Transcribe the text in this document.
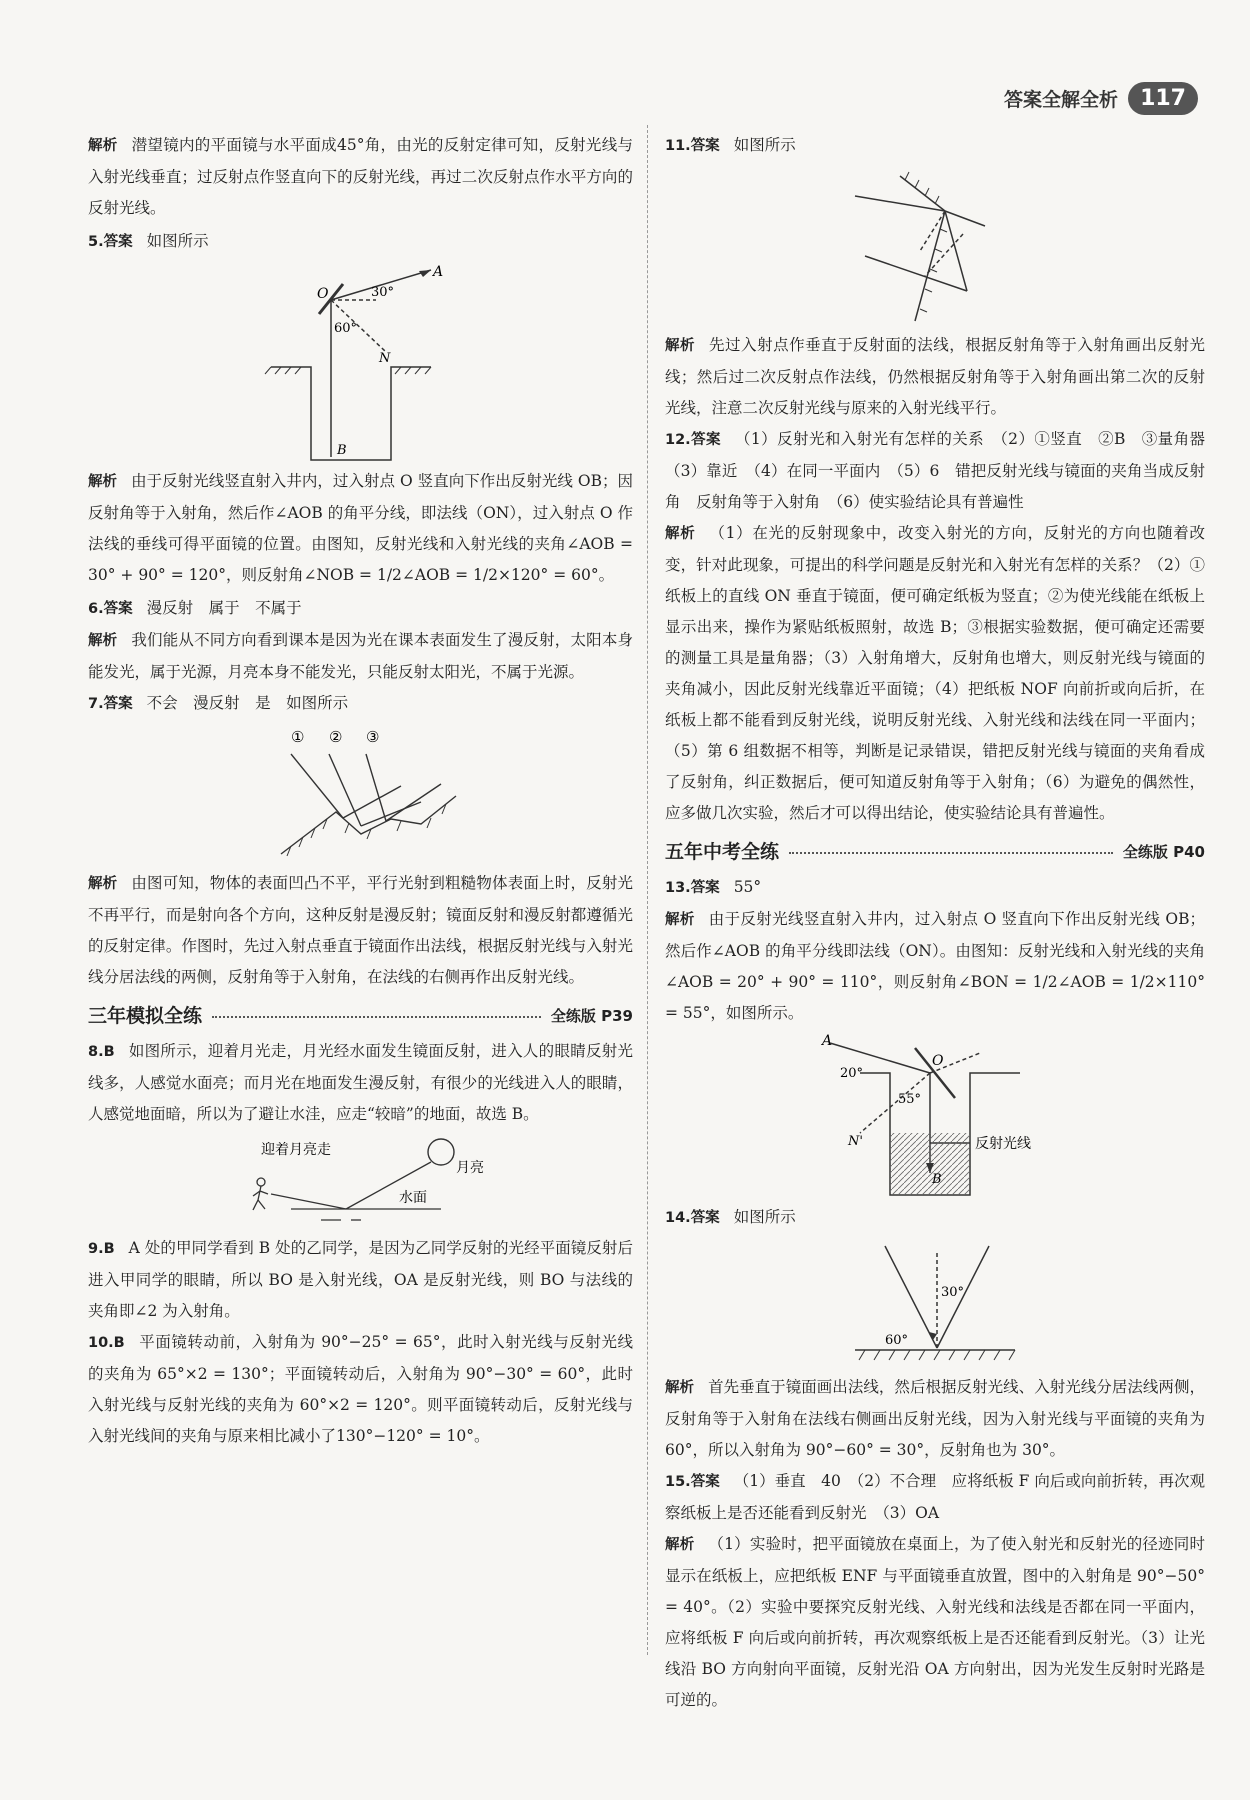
答案全解全析	117

解析 潜望镜内的平面镜与水平面成45°角，由光的反射定律可知，反射光线与入射光线垂直；过反射点作竖直向下的反射光线，再过二次反射点作水平方向的反射光线。

5.答案 如图所示

A
O
N
B
30°
60°

解析 由于反射光线竖直射入井内，过入射点 O 竖直向下作出反射光线 OB；因反射角等于入射角，然后作∠AOB 的角平分线，即法线（ON），过入射点 O 作法线的垂线可得平面镜的位置。由图知，反射光线和入射光线的夹角∠AOB = 30° + 90° = 120°，则反射角∠NOB = 1/2∠AOB = 1/2×120° = 60°。

6.答案 漫反射　属于　不属于

解析 我们能从不同方向看到课本是因为光在课本表面发生了漫反射，太阳本身能发光，属于光源，月亮本身不能发光，只能反射太阳光，不属于光源。

7.答案 不会　漫反射　是　如图所示

① ② ③

解析 由图可知，物体的表面凹凸不平，平行光射到粗糙物体表面上时，反射光不再平行，而是射向各个方向，这种反射是漫反射；镜面反射和漫反射都遵循光的反射定律。作图时，先过入射点垂直于镜面作出法线，根据反射光线与入射光线分居法线的两侧，反射角等于入射角，在法线的右侧再作出反射光线。

三年模拟全练	全练版 P39

8.B 如图所示，迎着月光走，月光经水面发生镜面反射，进入人的眼睛反射光线多，人感觉水面亮；而月光在地面发生漫反射，有很少的光线进入人的眼睛，人感觉地面暗，所以为了避让水洼，应走“较暗”的地面，故选 B。

迎着月亮走
月亮
水面

9.B A 处的甲同学看到 B 处的乙同学，是因为乙同学反射的光经平面镜反射后进入甲同学的眼睛，所以 BO 是入射光线，OA 是反射光线，则 BO 与法线的夹角即∠2 为入射角。

10.B 平面镜转动前，入射角为 90°−25° = 65°，此时入射光线与反射光线的夹角为 65°×2 = 130°；平面镜转动后，入射角为 90°−30° = 60°，此时入射光线与反射光线的夹角为 60°×2 = 120°。则平面镜转动后，反射光线与入射光线间的夹角与原来相比减小了130°−120° = 10°。

11.答案 如图所示

解析 先过入射点作垂直于反射面的法线，根据反射角等于入射角画出反射光线；然后过二次反射点作法线，仍然根据反射角等于入射角画出第二次的反射光线，注意二次反射光线与原来的入射光线平行。

12.答案 （1）反射光和入射光有怎样的关系　（2）①竖直　②B　③量角器　（3）靠近　（4）在同一平面内　（5）6　错把反射光线与镜面的夹角当成反射角　反射角等于入射角　（6）使实验结论具有普遍性

解析 （1）在光的反射现象中，改变入射光的方向，反射光的方向也随着改变，针对此现象，可提出的科学问题是反射光和入射光有怎样的关系？（2）①纸板上的直线 ON 垂直于镜面，便可确定纸板为竖直；②为使光线能在纸板上显示出来，操作为紧贴纸板照射，故选 B；③根据实验数据，便可确定还需要的测量工具是量角器；（3）入射角增大，反射角也增大，则反射光线与镜面的夹角减小，因此反射光线靠近平面镜；（4）把纸板 NOF 向前折或向后折，在纸板上都不能看到反射光线，说明反射光线、入射光线和法线在同一平面内；（5）第 6 组数据不相等，判断是记录错误，错把反射光线与镜面的夹角看成了反射角，纠正数据后，便可知道反射角等于入射角；（6）为避免的偶然性，应多做几次实验，然后才可以得出结论，使实验结论具有普遍性。

五年中考全练	全练版 P40

13.答案 55°

解析 由于反射光线竖直射入井内，过入射点 O 竖直向下作出反射光线 OB；然后作∠AOB 的角平分线即法线（ON）。由图知：反射光线和入射光线的夹角∠AOB = 20° + 90° = 110°，则反射角∠BON = 1/2∠AOB = 1/2×110° = 55°，如图所示。

A
O
N'
B
20°
55°
反射光线

14.答案 如图所示

30°
60°

解析 首先垂直于镜面画出法线，然后根据反射光线、入射光线分居法线两侧，反射角等于入射角在法线右侧画出反射光线，因为入射光线与平面镜的夹角为 60°，所以入射角为 90°−60° = 30°，反射角也为 30°。

15.答案 （1）垂直　40　（2）不合理　应将纸板 F 向后或向前折转，再次观察纸板上是否还能看到反射光　（3）OA

解析 （1）实验时，把平面镜放在桌面上，为了使入射光和反射光的径迹同时显示在纸板上，应把纸板 ENF 与平面镜垂直放置，图中的入射角是 90°−50° = 40°。（2）实验中要探究反射光线、入射光线和法线是否都在同一平面内，应将纸板 F 向后或向前折转，再次观察纸板上是否还能看到反射光。（3）让光线沿 BO 方向射向平面镜，反射光沿 OA 方向射出，因为光发生反射时光路是可逆的。
